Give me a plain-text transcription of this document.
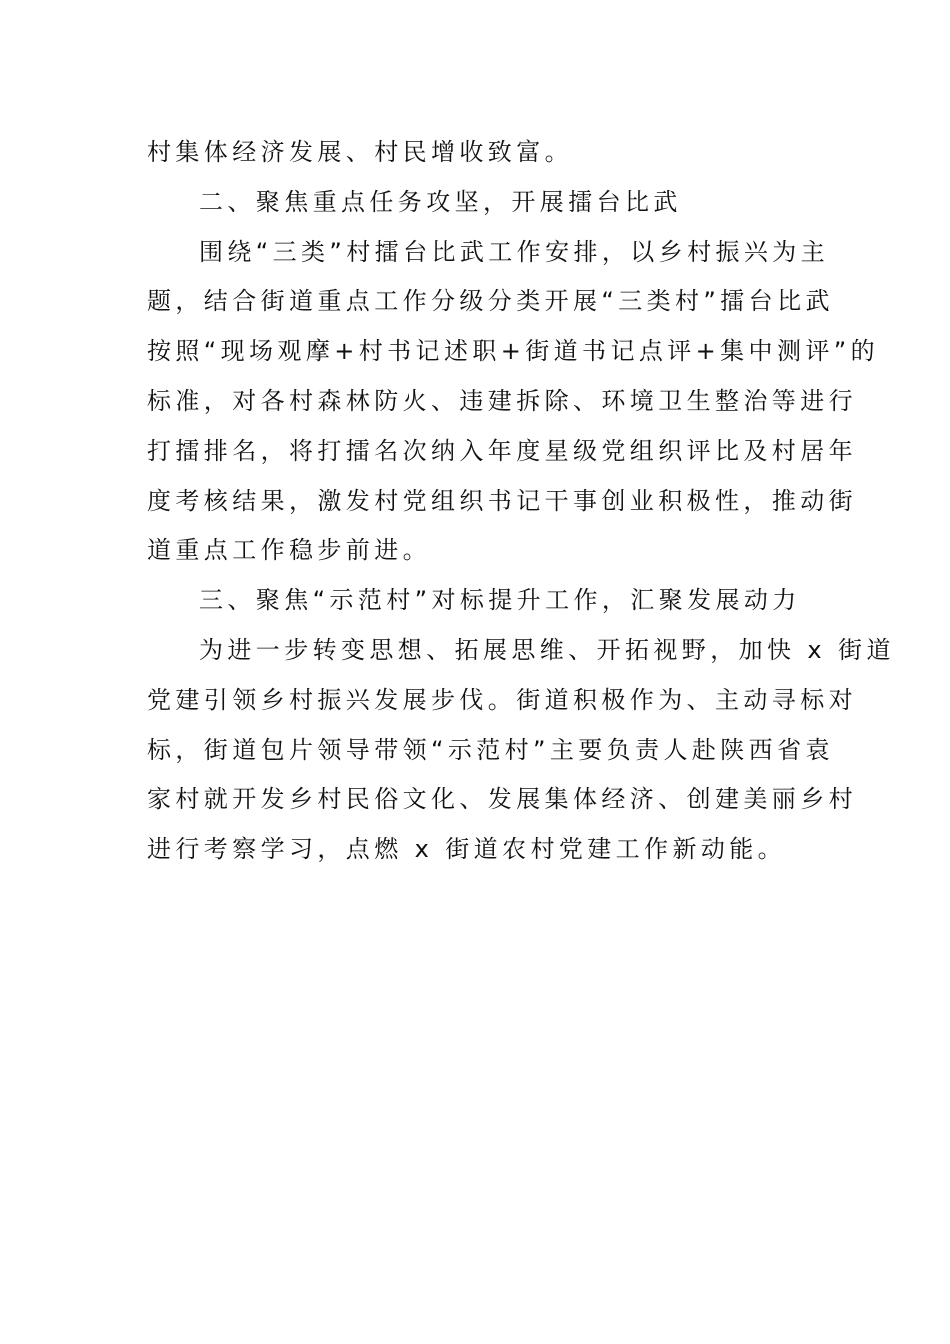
村集体经济发展、村民增收致富。
二、聚焦重点任务攻坚，开展擂台比武
围绕“三类”村擂台比武工作安排，以乡村振兴为主
题，结合街道重点工作分级分类开展“三类村”擂台比武
按照“现场观摩+村书记述职+街道书记点评+集中测评”的
标准，对各村森林防火、违建拆除、环境卫生整治等进行
打擂排名，将打擂名次纳入年度星级党组织评比及村居年
度考核结果，激发村党组织书记干事创业积极性，推动街
道重点工作稳步前进。
三、聚焦“示范村”对标提升工作，汇聚发展动力
为进一步转变思想、拓展思维、开拓视野，加快 x 街道
党建引领乡村振兴发展步伐。街道积极作为、主动寻标对
标，街道包片领导带领“示范村”主要负责人赴陕西省袁
家村就开发乡村民俗文化、发展集体经济、创建美丽乡村
进行考察学习，点燃 x 街道农村党建工作新动能。
